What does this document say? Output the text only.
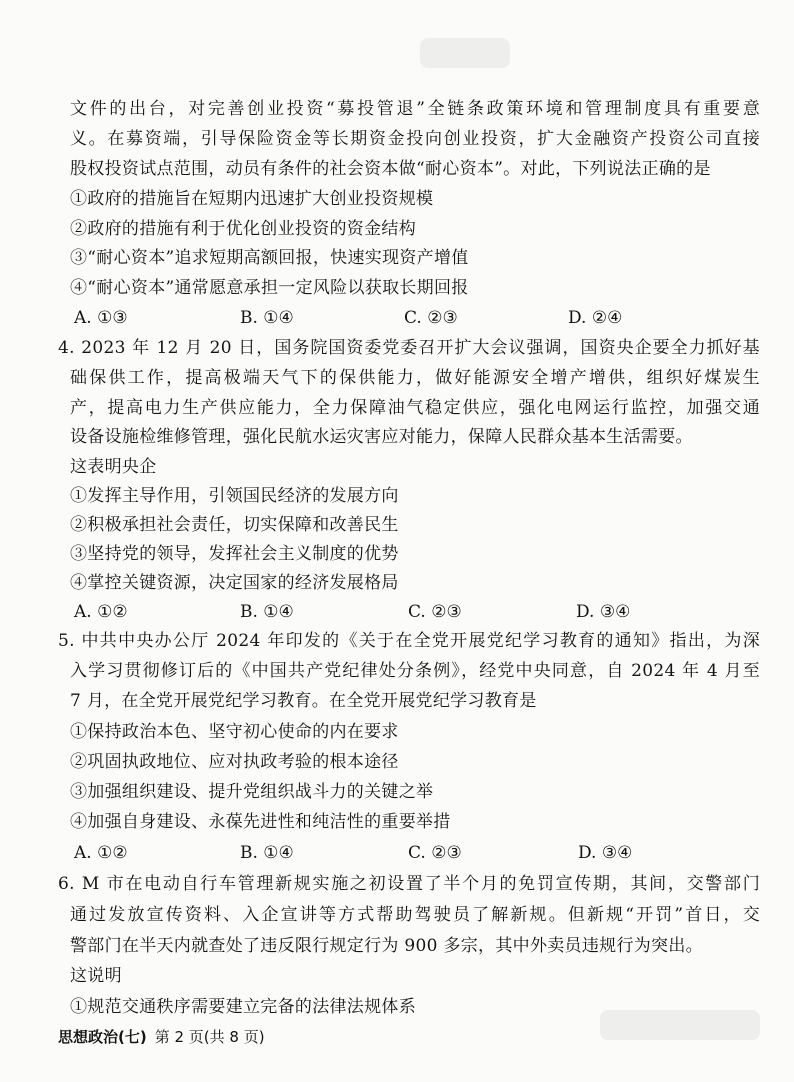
文件的出台，对完善创业投资“募投管退”全链条政策环境和管理制度具有重要意
义。在募资端，引导保险资金等长期资金投向创业投资，扩大金融资产投资公司直接
股权投资试点范围，动员有条件的社会资本做“耐心资本”。对此，下列说法正确的是
①政府的措施旨在短期内迅速扩大创业投资规模
②政府的措施有利于优化创业投资的资金结构
③“耐心资本”追求短期高额回报，快速实现资产增值
④“耐心资本”通常愿意承担一定风险以获取长期回报
A. ①③	B. ①④	C. ②③	D. ②④
4. 2023 年 12 月 20 日，国务院国资委党委召开扩大会议强调，国资央企要全力抓好基
础保供工作，提高极端天气下的保供能力，做好能源安全增产增供，组织好煤炭生
产，提高电力生产供应能力，全力保障油气稳定供应，强化电网运行监控，加强交通
设备设施检维修管理，强化民航水运灾害应对能力，保障人民群众基本生活需要。
这表明央企
①发挥主导作用，引领国民经济的发展方向
②积极承担社会责任，切实保障和改善民生
③坚持党的领导，发挥社会主义制度的优势
④掌控关键资源，决定国家的经济发展格局
A. ①②	B. ①④	C. ②③	D. ③④
5. 中共中央办公厅 2024 年印发的《关于在全党开展党纪学习教育的通知》指出，为深
入学习贯彻修订后的《中国共产党纪律处分条例》，经党中央同意，自 2024 年 4 月至
7 月，在全党开展党纪学习教育。在全党开展党纪学习教育是
①保持政治本色、坚守初心使命的内在要求
②巩固执政地位、应对执政考验的根本途径
③加强组织建设、提升党组织战斗力的关键之举
④加强自身建设、永葆先进性和纯洁性的重要举措
A. ①②	B. ①④	C. ②③	D. ③④
6. M 市在电动自行车管理新规实施之初设置了半个月的免罚宣传期，其间，交警部门
通过发放宣传资料、入企宣讲等方式帮助驾驶员了解新规。但新规“开罚”首日，交
警部门在半天内就查处了违反限行规定行为 900 多宗，其中外卖员违规行为突出。
这说明
①规范交通秩序需要建立完备的法律法规体系
思想政治(七) 第 2 页(共 8 页)
